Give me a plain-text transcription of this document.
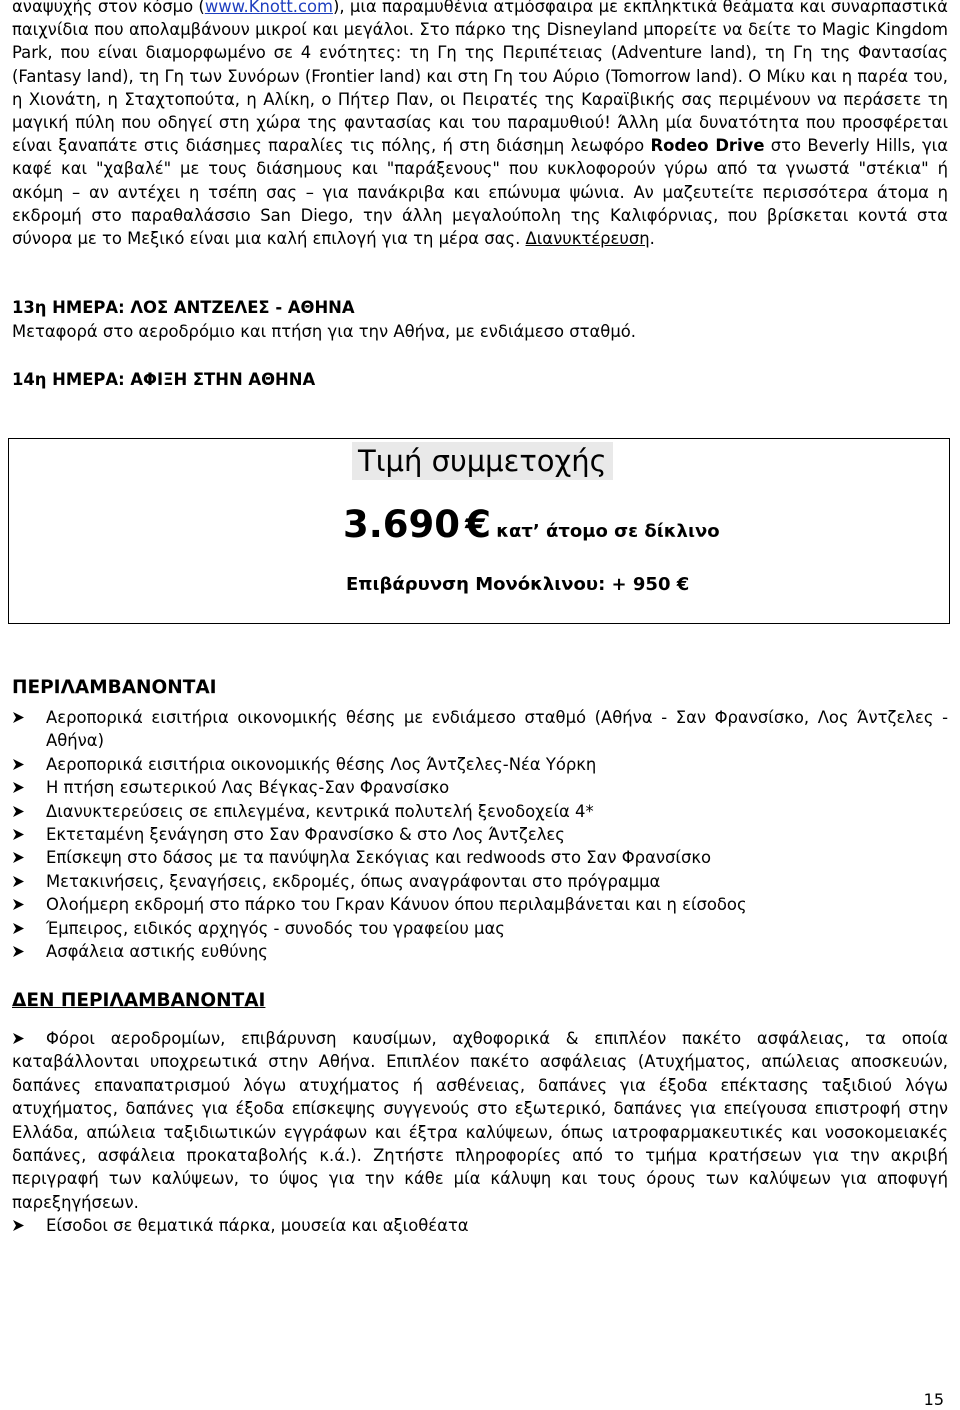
αναψυχής στον κόσμο (www.Knott.com), μια παραμυθένια ατμόσφαιρα με εκπληκτικά θεάματα και συναρπαστικά παιχνίδια που απολαμβάνουν μικροί και μεγάλοι. Στο πάρκο της Disneyland μπορείτε να δείτε το Magic Kingdom Park, που είναι διαμορφωμένο σε 4 ενότητες: τη Γη της Περιπέτειας (Adventure land), τη Γη της Φαντασίας (Fantasy land), τη Γη των Συνόρων (Frontier land) και στη Γη του Αύριο (Tomorrow land). Ο Μίκυ και η παρέα του, η Χιονάτη, η Σταχτοπούτα, η Αλίκη, ο Πήτερ Παν, οι Πειρατές της Καραϊβικής σας περιμένουν να περάσετε τη μαγική πύλη που οδηγεί στη χώρα της φαντασίας και του παραμυθιού! Άλλη μία δυνατότητα που προσφέρεται είναι ξαναπάτε στις διάσημες παραλίες τις πόλης, ή στη διάσημη λεωφόρο Rodeo Drive στο Beverly Hills, για καφέ και "χαβαλέ" με τους διάσημους και "παράξενους" που κυκλοφορούν γύρω από τα γνωστά "στέκια" ή ακόμη – αν αντέχει η τσέπη σας – για πανάκριβα και επώνυμα ψώνια. Αν μαζευτείτε περισσότερα άτομα η εκδρομή στο παραθαλάσσιο San Diego, την άλλη μεγαλούπολη της Καλιφόρνιας, που βρίσκεται κοντά στα σύνορα με το Μεξικό είναι μια καλή επιλογή για τη μέρα σας. Διανυκτέρευση.

13η ΗΜΕΡΑ: ΛΟΣ ΑΝΤΖΕΛΕΣ - ΑΘΗΝΑ
Μεταφορά στο αεροδρόμιο και πτήση για την Αθήνα, με ενδιάμεσο σταθμό.
14η ΗΜΕΡΑ: ΑΦΙΞΗ ΣΤΗΝ ΑΘΗΝΑ
Τιμή συμμετοχής
3.690 € κατ’ άτομο σε δίκλινο
Επιβάρυνση Μονόκλινου: + 950 €
ΠΕΡΙΛΑΜΒΑΝΟΝΤΑΙ
Αεροπορικά εισιτήρια οικονομικής θέσης με ενδιάμεσο σταθμό (Αθήνα - Σαν Φρανσίσκο, Λος Άντζελες - Αθήνα)
Αεροπορικά εισιτήρια οικονομικής θέσης Λος Άντζελες-Νέα Υόρκη
Η πτήση εσωτερικού Λας Βέγκας-Σαν Φρανσίσκο
Διανυκτερεύσεις σε επιλεγμένα, κεντρικά πολυτελή ξενοδοχεία 4*
Εκτεταμένη ξενάγηση στο Σαν Φρανσίσκο & στο Λος Άντζελες
Επίσκεψη στο δάσος με τα πανύψηλα Σεκόγιας και redwoods στο Σαν Φρανσίσκο
Μετακινήσεις, ξεναγήσεις, εκδρομές, όπως αναγράφονται στο πρόγραμμα
Ολοήμερη εκδρομή στο πάρκο του Γκραν Κάνυον όπου περιλαμβάνεται και η είσοδος
Έμπειρος, ειδικός αρχηγός - συνοδός του γραφείου μας
Ασφάλεια αστικής ευθύνης
ΔΕΝ ΠΕΡΙΛΑΜΒΑΝΟΝΤΑΙ

Φόροι αεροδρομίων, επιβάρυνση καυσίμων, αχθοφορικά & επιπλέον πακέτο ασφάλειας, τα οποία καταβάλλονται υποχρεωτικά στην Αθήνα. Επιπλέον πακέτο ασφάλειας (Ατυχήματος, απώλειας αποσκευών, δαπάνες επαναπατρισμού λόγω ατυχήματος ή ασθένειας, δαπάνες για έξοδα επέκτασης ταξιδιού λόγω ατυχήματος, δαπάνες για έξοδα επίσκεψης συγγενούς στο εξωτερικό, δαπάνες για επείγουσα επιστροφή στην Ελλάδα, απώλεια ταξιδιωτικών εγγράφων και έξτρα καλύψεων, όπως ιατροφαρμακευτικές και νοσοκομειακές δαπάνες, ασφάλεια προκαταβολής κ.ά.). Ζητήστε πληροφορίες από το τμήμα κρατήσεων για την ακριβή περιγραφή των καλύψεων, το ύψος για την κάθε μία κάλυψη και τους όρους των καλύψεων για αποφυγή παρεξηγήσεων.

Είσοδοι σε θεματικά πάρκα, μουσεία και αξιοθέατα
15
